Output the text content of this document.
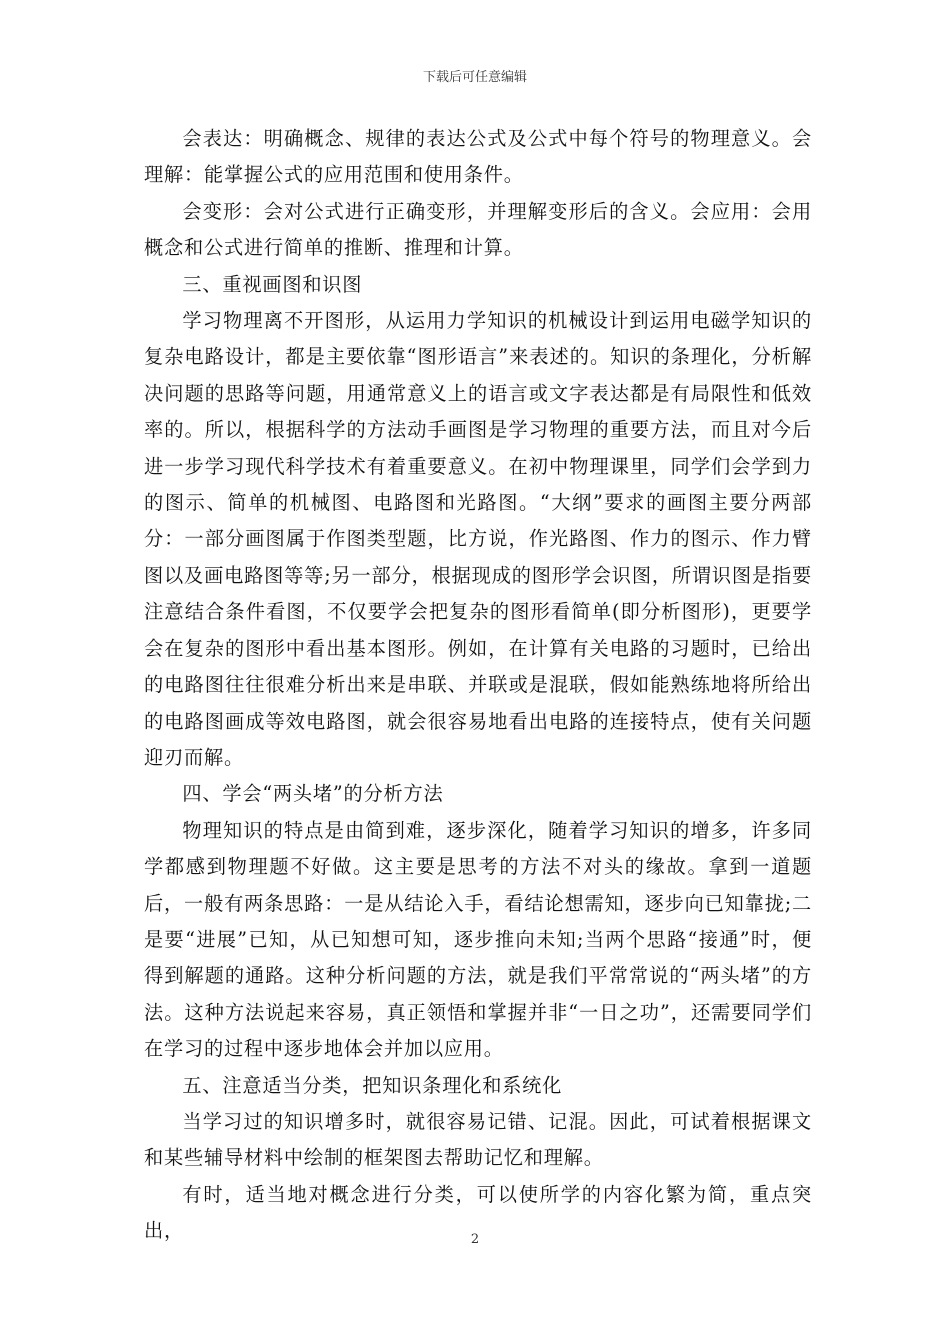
下载后可任意编辑

会表达：明确概念、规律的表达公式及公式中每个符号的物理意义。会理解：能掌握公式的应用范围和使用条件。

会变形：会对公式进行正确变形，并理解变形后的含义。会应用：会用概念和公式进行简单的推断、推理和计算。

三、重视画图和识图

学习物理离不开图形，从运用力学知识的机械设计到运用电磁学知识的复杂电路设计，都是主要依靠“图形语言”来表述的。知识的条理化，分析解决问题的思路等问题，用通常意义上的语言或文字表达都是有局限性和低效率的。所以，根据科学的方法动手画图是学习物理的重要方法，而且对今后进一步学习现代科学技术有着重要意义。在初中物理课里，同学们会学到力的图示、简单的机械图、电路图和光路图。“大纲”要求的画图主要分两部分：一部分画图属于作图类型题，比方说，作光路图、作力的图示、作力臂图以及画电路图等等;另一部分，根据现成的图形学会识图，所谓识图是指要注意结合条件看图，不仅要学会把复杂的图形看简单(即分析图形)，更要学会在复杂的图形中看出基本图形。例如，在计算有关电路的习题时，已给出的电路图往往很难分析出来是串联、并联或是混联，假如能熟练地将所给出的电路图画成等效电路图，就会很容易地看出电路的连接特点，使有关问题迎刃而解。

四、学会“两头堵”的分析方法

物理知识的特点是由简到难，逐步深化，随着学习知识的增多，许多同学都感到物理题不好做。这主要是思考的方法不对头的缘故。拿到一道题后，一般有两条思路：一是从结论入手，看结论想需知，逐步向已知靠拢;二是要“进展”已知，从已知想可知，逐步推向未知;当两个思路“接通”时，便得到解题的通路。这种分析问题的方法，就是我们平常常说的“两头堵”的方法。这种方法说起来容易，真正领悟和掌握并非“一日之功”，还需要同学们在学习的过程中逐步地体会并加以应用。

五、注意适当分类，把知识条理化和系统化

当学习过的知识增多时，就很容易记错、记混。因此，可试着根据课文和某些辅导材料中绘制的框架图去帮助记忆和理解。

有时，适当地对概念进行分类，可以使所学的内容化繁为简，重点突出，	2
